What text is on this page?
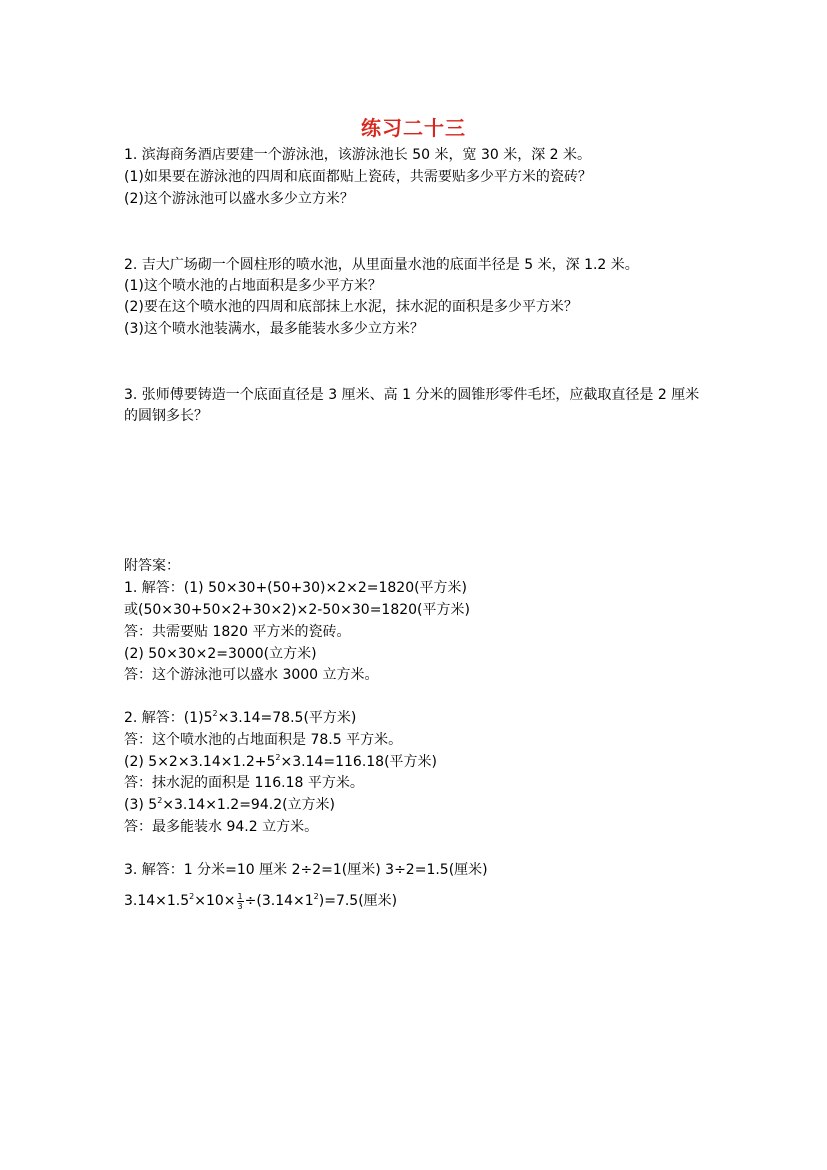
练习二十三
1. 滨海商务酒店要建一个游泳池，该游泳池长 50 米，宽 30 米，深 2 米。
(1)如果要在游泳池的四周和底面都贴上瓷砖，共需要贴多少平方米的瓷砖？
(2)这个游泳池可以盛水多少立方米？
2. 吉大广场砌一个圆柱形的喷水池，从里面量水池的底面半径是 5 米，深 1.2 米。
(1)这个喷水池的占地面积是多少平方米？
(2)要在这个喷水池的四周和底部抹上水泥，抹水泥的面积是多少平方米？
(3)这个喷水池装满水，最多能装水多少立方米？
3. 张师傅要铸造一个底面直径是 3 厘米、高 1 分米的圆锥形零件毛坯，应截取直径是 2 厘米
的圆钢多长？
附答案：
1. 解答：(1) 50×30+(50+30)×2×2=1820(平方米)
或(50×30+50×2+30×2)×2-50×30=1820(平方米)
答：共需要贴 1820 平方米的瓷砖。
(2) 50×30×2=3000(立方米)
答：这个游泳池可以盛水 3000 立方米。
2. 解答：$(1)5^2\times 3.14=78.5$(平方米)
答：这个喷水池的占地面积是 78.5 平方米。
(2) $5\times 2\times 3.14\times 1.2+5^2\times 3.14=116.18$(平方米)
答：抹水泥的面积是 116.18 平方米。
(3) $5^2\times 3.14\times 1.2=94.2$(立方米)
答：最多能装水 94.2 立方米。
3. 解答：1 分米=10 厘米 2÷2=1(厘米) 3÷2=1.5(厘米)
$3.14\times 1.5^2\times 10\times \frac{1}{3} \div(3.14\times 1^2)=7.5$(厘米)
